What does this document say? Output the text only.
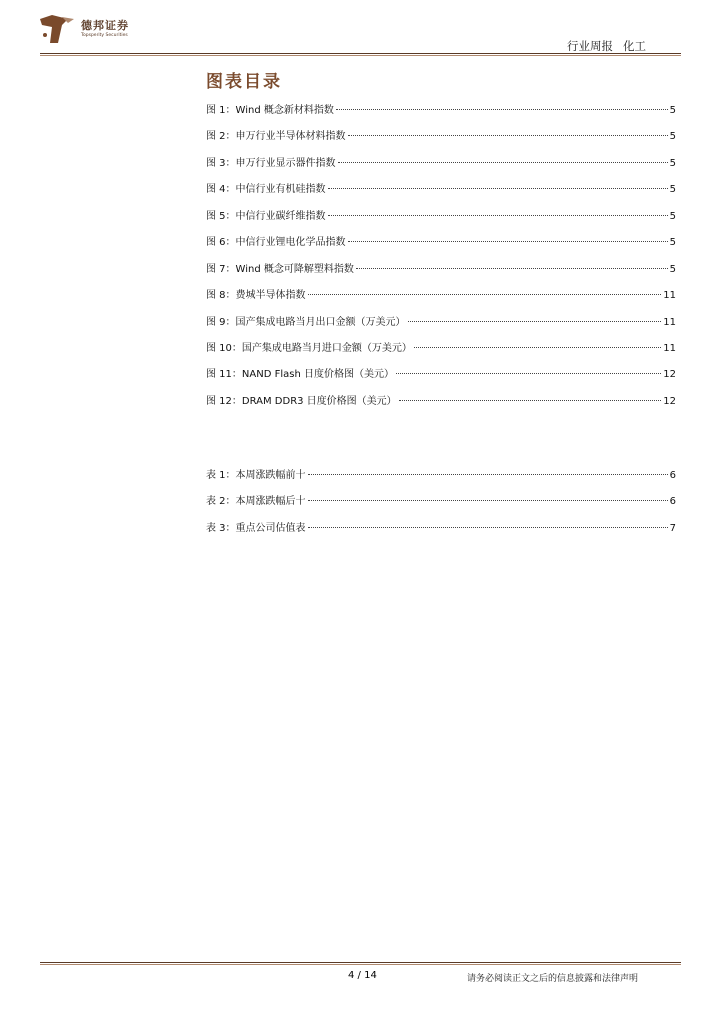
德邦证券
Topsperity Securities
行业周报 化工
图表目录
图 1：Wind 概念新材料指数	5
图 2：申万行业半导体材料指数	5
图 3：申万行业显示器件指数	5
图 4：中信行业有机硅指数	5
图 5：中信行业碳纤维指数	5
图 6：中信行业锂电化学品指数	5
图 7：Wind 概念可降解塑料指数	5
图 8：费城半导体指数	11
图 9：国产集成电路当月出口金额（万美元）	11
图 10：国产集成电路当月进口金额（万美元）	11
图 11：NAND Flash 日度价格图（美元）	12
图 12：DRAM DDR3 日度价格图（美元）	12
表 1：本周涨跌幅前十	6
表 2：本周涨跌幅后十	6
表 3：重点公司估值表	7
4 / 14	请务必阅读正文之后的信息披露和法律声明
